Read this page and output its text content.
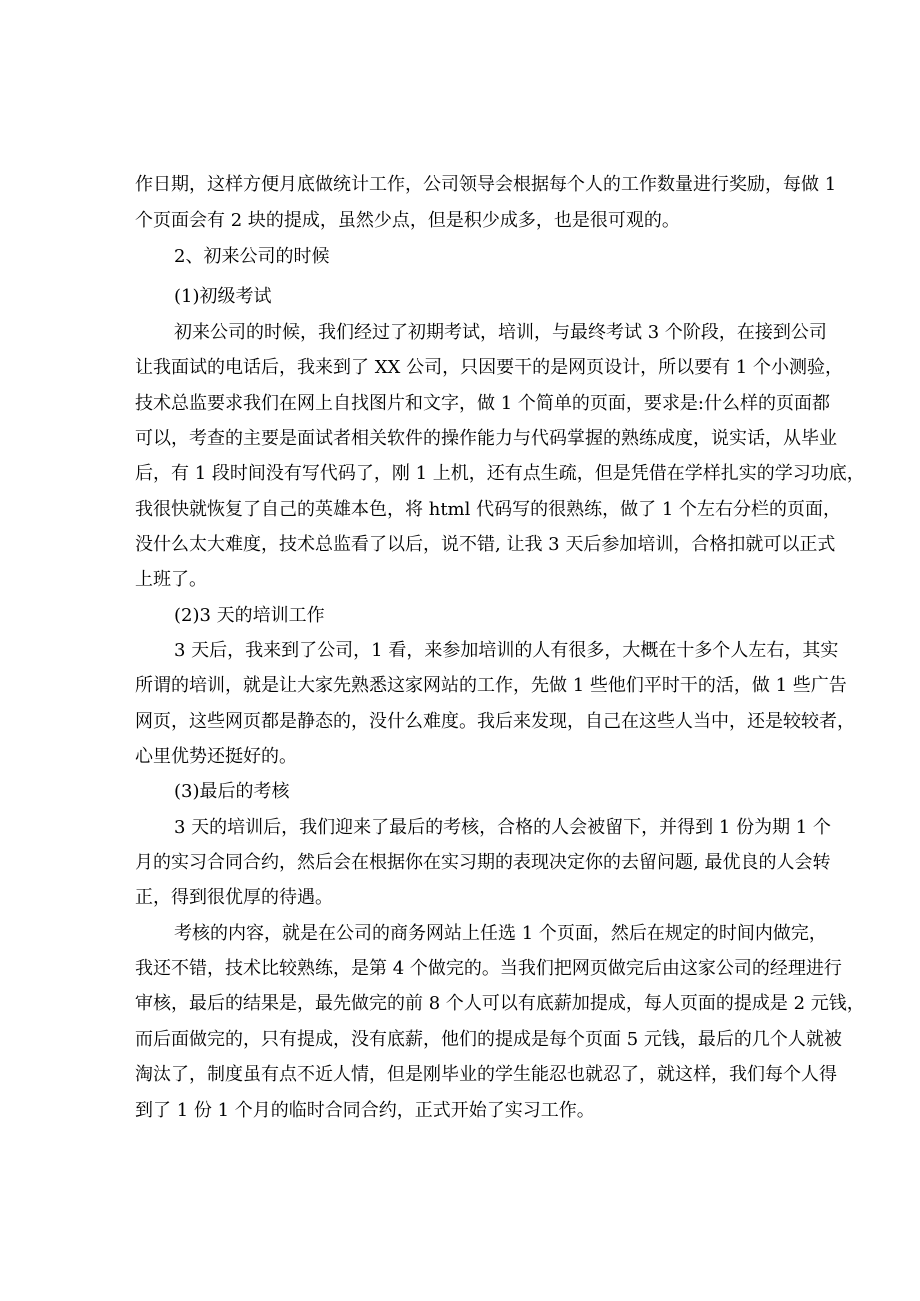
作日期，这样方便月底做统计工作，公司领导会根据每个人的工作数量进行奖励，每做 1
个页面会有 2 块的提成，虽然少点，但是积少成多，也是很可观的。
2、初来公司的时候
(1)初级考试
初来公司的时候，我们经过了初期考试，培训，与最终考试 3 个阶段，在接到公司
让我面试的电话后，我来到了 XX 公司，只因要干的是网页设计，所以要有 1 个小测验，
技术总监要求我们在网上自找图片和文字，做 1 个简单的页面，要求是:什么样的页面都
可以，考查的主要是面试者相关软件的操作能力与代码掌握的熟练成度，说实话，从毕业
后，有 1 段时间没有写代码了，刚 1 上机，还有点生疏，但是凭借在学样扎实的学习功底，
我很快就恢复了自己的英雄本色，将 html 代码写的很熟练，做了 1 个左右分栏的页面，
没什么太大难度，技术总监看了以后，说不错, 让我 3 天后参加培训，合格扣就可以正式
上班了。
(2)3 天的培训工作
3 天后，我来到了公司，1 看，来参加培训的人有很多，大概在十多个人左右，其实
所谓的培训，就是让大家先熟悉这家网站的工作，先做 1 些他们平时干的活，做 1 些广告
网页，这些网页都是静态的，没什么难度。我后来发现，自己在这些人当中，还是较较者，
心里优势还挺好的。
(3)最后的考核
3 天的培训后，我们迎来了最后的考核，合格的人会被留下，并得到 1 份为期 1 个
月的实习合同合约，然后会在根据你在实习期的表现决定你的去留问题, 最优良的人会转
正，得到很优厚的待遇。
考核的内容，就是在公司的商务网站上任选 1 个页面，然后在规定的时间内做完，
我还不错，技术比较熟练，是第 4 个做完的。当我们把网页做完后由这家公司的经理进行
审核，最后的结果是，最先做完的前 8 个人可以有底薪加提成，每人页面的提成是 2 元钱，
而后面做完的，只有提成，没有底薪，他们的提成是每个页面 5 元钱，最后的几个人就被
淘汰了，制度虽有点不近人情，但是刚毕业的学生能忍也就忍了，就这样，我们每个人得
到了 1 份 1 个月的临时合同合约，正式开始了实习工作。
